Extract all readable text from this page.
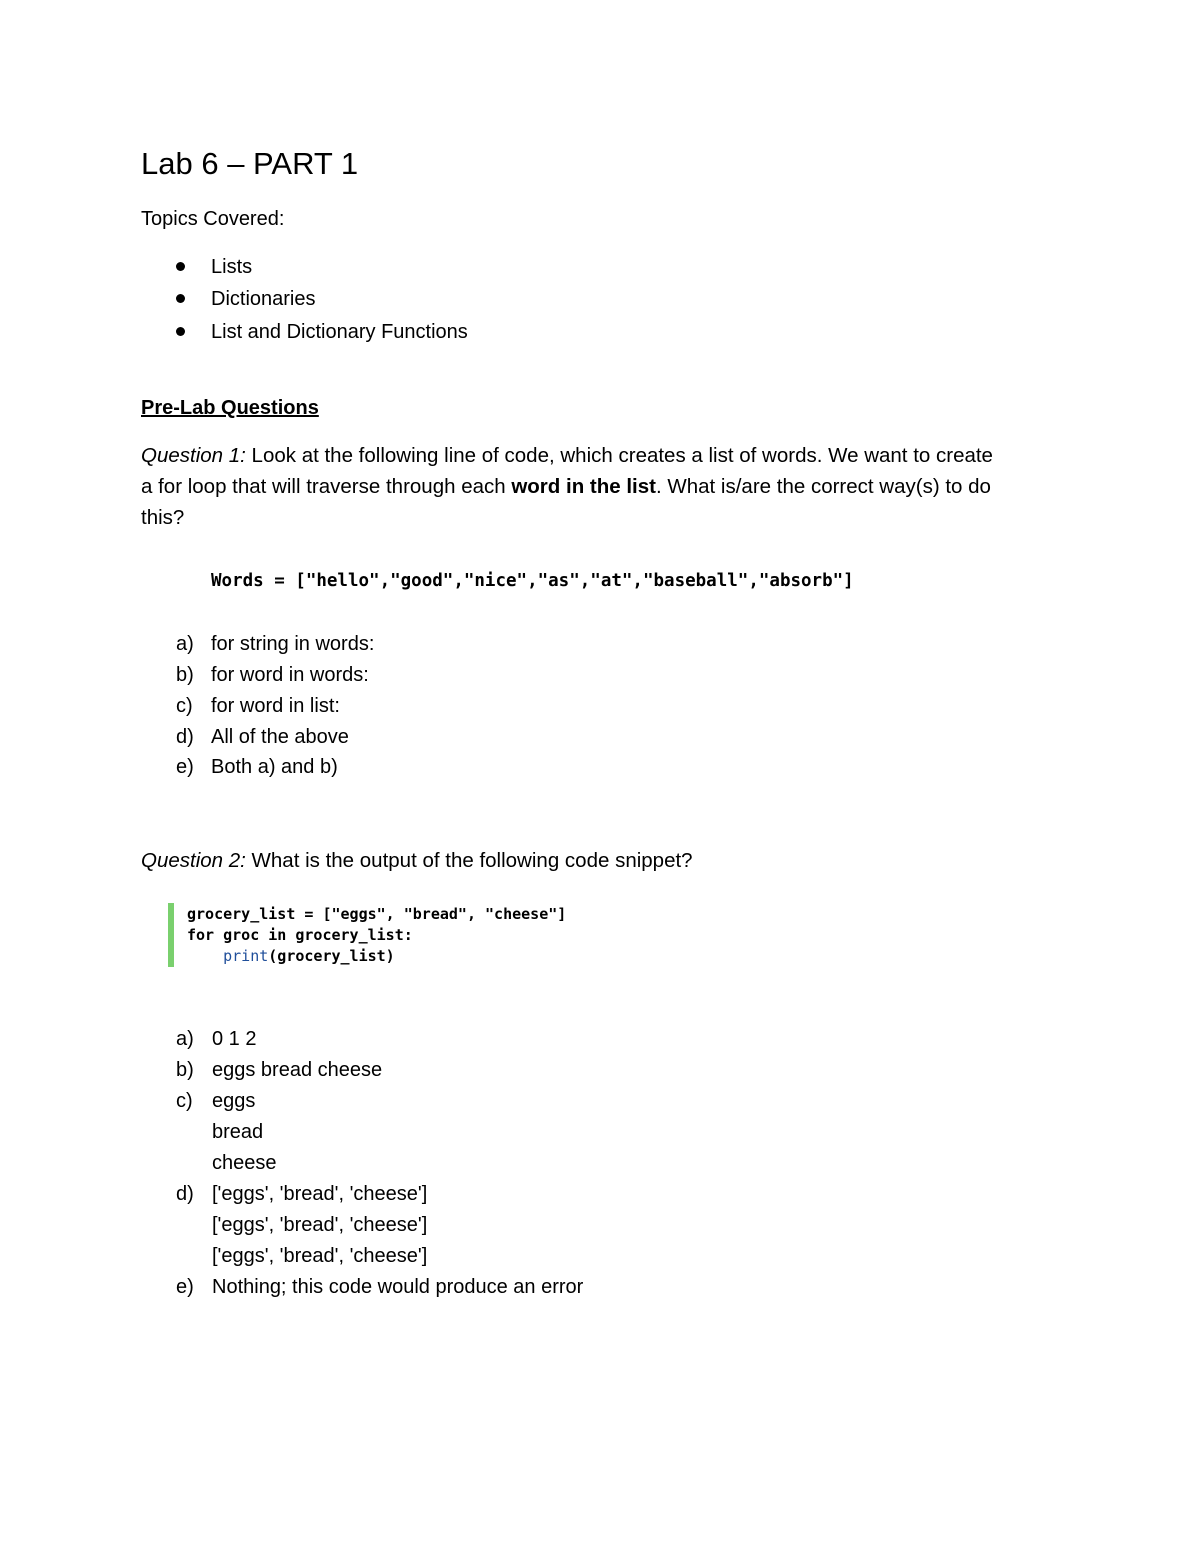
Lab 6 – PART 1
Topics Covered:
Lists
Dictionaries
List and Dictionary Functions
Pre-Lab Questions
Question 1: Look at the following line of code, which creates a list of words. We want to create
a for loop that will traverse through each word in the list. What is/are the correct way(s) to do
this?
Words = ["hello","good","nice","as","at","baseball","absorb"]
a) for string in words:
b) for word in words:
c) for word in list:
d) All of the above
e) Both a) and b)
Question 2: What is the output of the following code snippet?
grocery_list = ["eggs", "bread", "cheese"]
for groc in grocery_list:
print(grocery_list)
a) 0 1 2
b) eggs bread cheese
c) eggs
bread
cheese
d) ['eggs', 'bread', 'cheese']
['eggs', 'bread', 'cheese']
['eggs', 'bread', 'cheese']
e) Nothing; this code would produce an error
